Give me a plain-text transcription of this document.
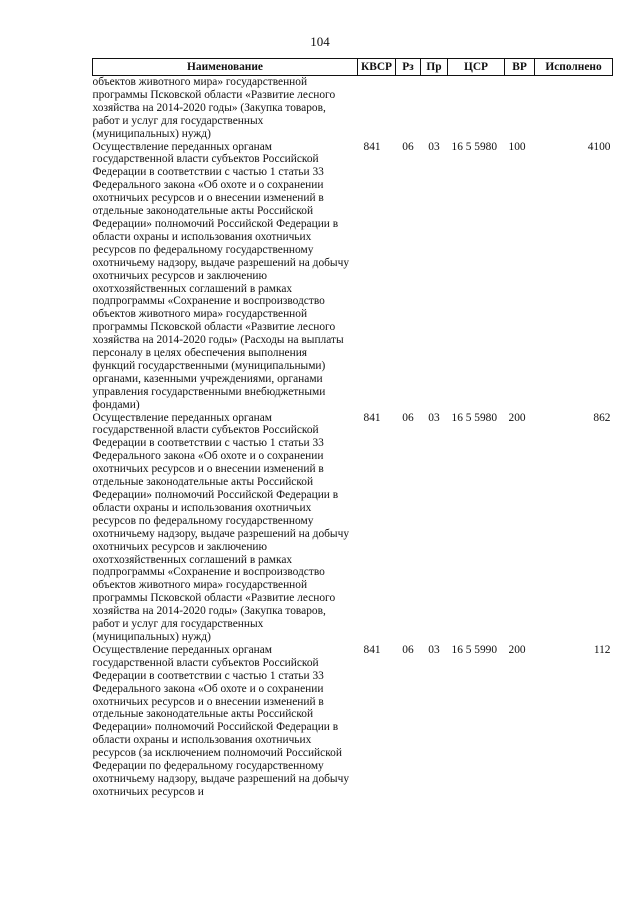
104
Наименование	КВСР	Рз	Пр	ЦСР	ВР	Исполнено
объектов животного мира» государственной программы Псковской области «Развитие лесного хозяйства на 2014-2020 годы» (Закупка товаров, работ и услуг для государственных (муниципальных) нужд)						
Осуществление переданных органам государственной власти субъектов Российской Федерации в соответствии с частью 1 статьи 33 Федерального закона «Об охоте и о сохранении охотничьих ресурсов и о внесении изменений в отдельные законодательные акты Российской Федерации» полномочий Российской Федерации в области охраны и использования охотничьих ресурсов по федеральному государственному охотничьему надзору, выдаче разрешений на добычу охотничьих ресурсов и заключению охотхозяйственных соглашений в рамках подпрограммы «Сохранение и воспроизводство объектов животного мира» государственной программы Псковской области «Развитие лесного хозяйства на 2014-2020 годы» (Расходы на выплаты персоналу в целях обеспечения выполнения функций государственными (муниципальными) органами, казенными учреждениями, органами управления государственными внебюджетными фондами)	841	06	03	16 5 5980	100	4100
Осуществление переданных органам государственной власти субъектов Российской Федерации в соответствии с частью 1 статьи 33 Федерального закона «Об охоте и о сохранении охотничьих ресурсов и о внесении изменений в отдельные законодательные акты Российской Федерации» полномочий Российской Федерации в области охраны и использования охотничьих ресурсов по федеральному государственному охотничьему надзору, выдаче разрешений на добычу охотничьих ресурсов и заключению охотхозяйственных соглашений в рамках подпрограммы «Сохранение и воспроизводство объектов животного мира» государственной программы Псковской области «Развитие лесного хозяйства на 2014-2020 годы» (Закупка товаров, работ и услуг для государственных (муниципальных) нужд)	841	06	03	16 5 5980	200	862
Осуществление переданных органам государственной власти субъектов Российской Федерации в соответствии с частью 1 статьи 33 Федерального закона «Об охоте и о сохранении охотничьих ресурсов и о внесении изменений в отдельные законодательные акты Российской Федерации» полномочий Российской Федерации в области охраны и использования охотничьих ресурсов (за исключением полномочий Российской Федерации по федеральному государственному охотничьему надзору, выдаче разрешений на добычу охотничьих ресурсов и	841	06	03	16 5 5990	200	112
